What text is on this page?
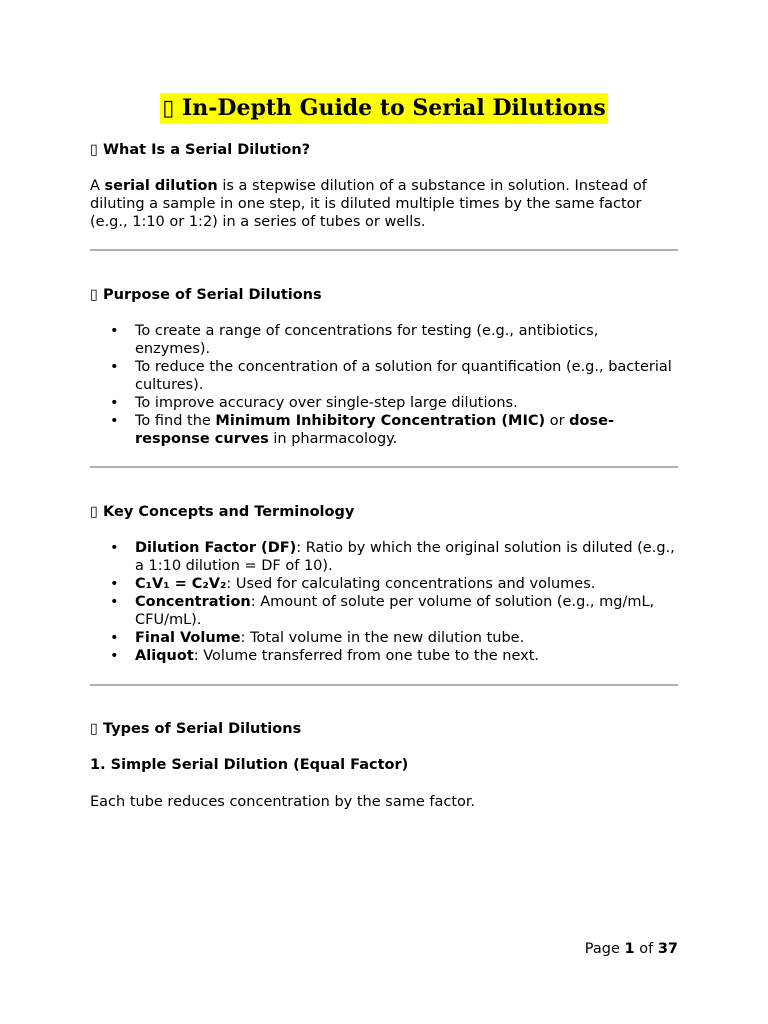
▯ In-Depth Guide to Serial Dilutions
▯ What Is a Serial Dilution?

A serial dilution is a stepwise dilution of a substance in solution. Instead of diluting a sample in one step, it is diluted multiple times by the same factor (e.g., 1:10 or 1:2) in a series of tubes or wells.

▯ Purpose of Serial Dilutions
• To create a range of concentrations for testing (e.g., antibiotics, enzymes).
• To reduce the concentration of a solution for quantification (e.g., bacterial cultures).
• To improve accuracy over single-step large dilutions.
• To find the Minimum Inhibitory Concentration (MIC) or dose-response curves in pharmacology.
▯ Key Concepts and Terminology
• Dilution Factor (DF): Ratio by which the original solution is diluted (e.g., a 1:10 dilution = DF of 10).
• C₁V₁ = C₂V₂: Used for calculating concentrations and volumes.
• Concentration: Amount of solute per volume of solution (e.g., mg/mL, CFU/mL).
• Final Volume: Total volume in the new dilution tube.
• Aliquot: Volume transferred from one tube to the next.
▯ Types of Serial Dilutions
1. Simple Serial Dilution (Equal Factor)

Each tube reduces concentration by the same factor.

Page 1 of 37
